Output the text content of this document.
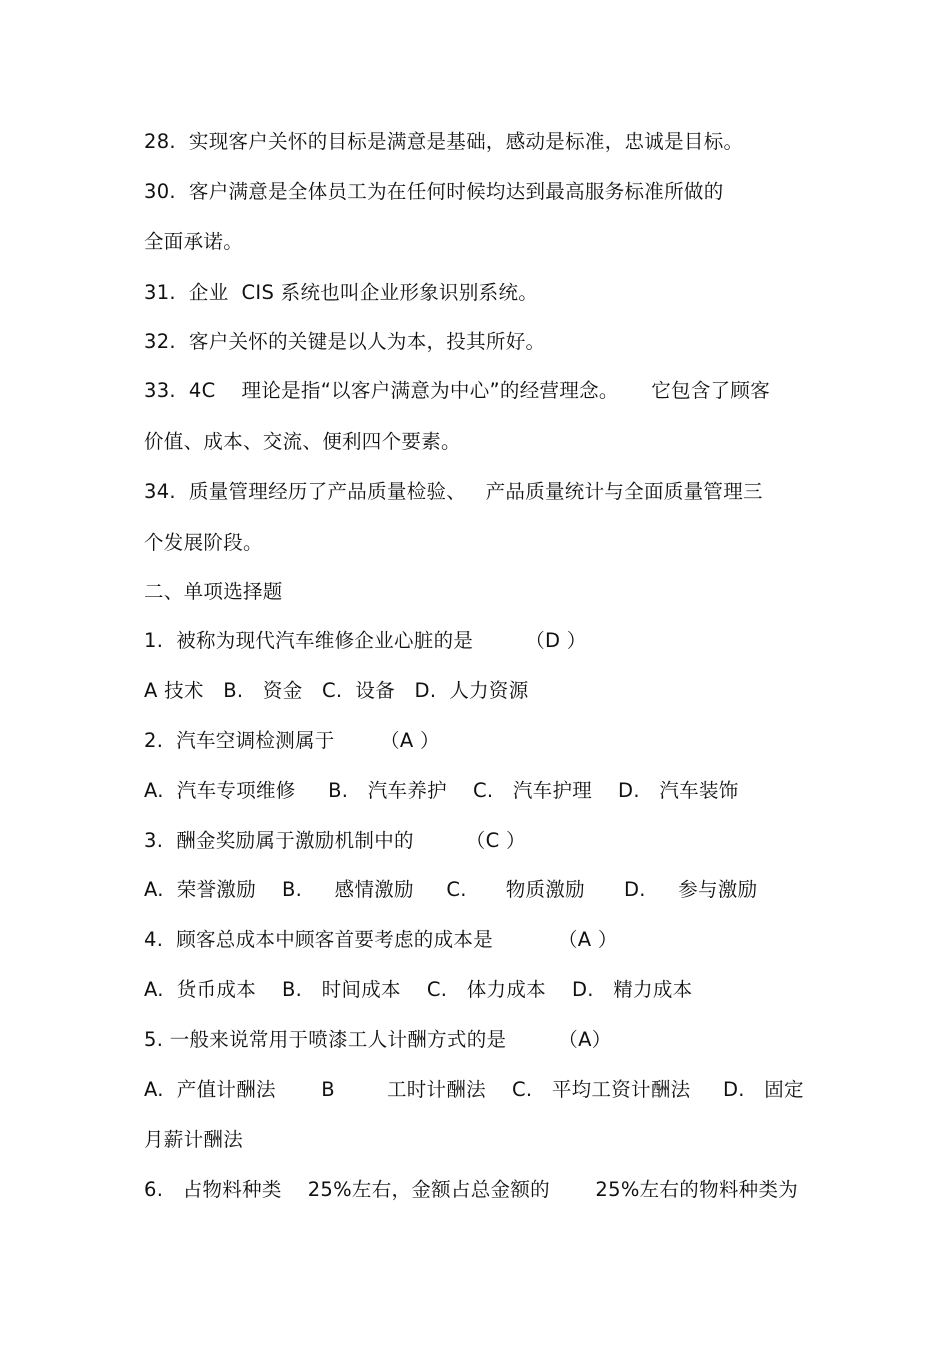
28.  实现客户关怀的目标是满意是基础，感动是标准，忠诚是目标。
30.  客户满意是全体员工为在任何时候均达到最高服务标准所做的
全面承诺。
31.  企业  CIS 系统也叫企业形象识别系统。
32.  客户关怀的关键是以人为本，投其所好。
33.  4C    理论是指“以客户满意为中心”的经营理念。     它包含了顾客
价值、成本、交流、便利四个要素。
34.  质量管理经历了产品质量检验、   产品质量统计与全面质量管理三
个发展阶段。
二、单项选择题
1.  被称为现代汽车维修企业心脏的是        （D ）
A 技术   B.   资金   C.  设备   D.  人力资源
2.  汽车空调检测属于       （A ）
A.  汽车专项维修     B.   汽车养护    C.   汽车护理    D.   汽车装饰
3.  酬金奖励属于激励机制中的        （C ）
A.  荣誉激励    B.     感情激励     C.      物质激励      D.     参与激励
4.  顾客总成本中顾客首要考虑的成本是          （A ）
A.  货币成本    B.   时间成本    C.   体力成本    D.   精力成本
5. 一般来说常用于喷漆工人计酬方式的是        （A）
A.  产值计酬法       B        工时计酬法    C.   平均工资计酬法     D.   固定
月薪计酬法
6.   占物料种类    25%左右，金额占总金额的       25%左右的物料种类为
